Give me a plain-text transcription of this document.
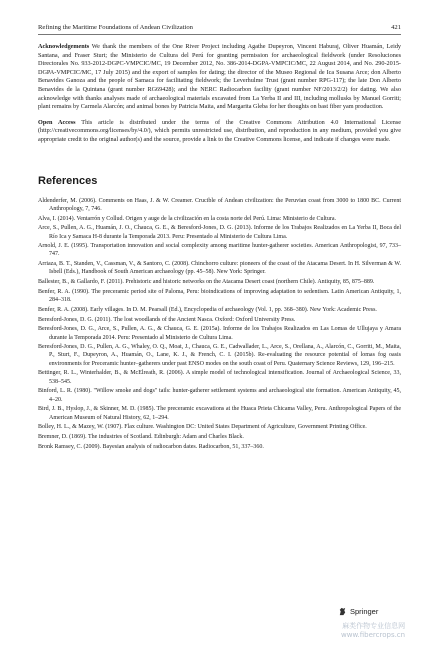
Refining the Maritime Foundations of Andean Civilization	421

Acknowledgements We thank the members of the One River Project including Agathe Dupeyron, Vincent Haburaj, Oliver Huamán, Leidy Santana, and Fraser Sturt; the Ministerio de Cultura del Perú for granting permission for archaeological fieldwork (under Resoluciones Directorales No. 933-2012-DGPC-VMPCIC/MC, 19 December 2012, No. 386-2014-DGPA-VMPCIC/MC, 22 August 2014, and No. 290-2015-DGPA-VMPCIC/MC, 17 July 2015) and the export of samples for dating; the director of the Museo Regional de Ica Susana Arce; don Alberto Benavides Ganoza and the people of Samaca for facilitating fieldwork; the Leverhulme Trust (grant number RPG-117); the late Don Alberto Benavides de la Quintana (grant number RG69428); and the NERC Radiocarbon facility (grant number NF/2013/2/2) for dating. We also acknowledge with thanks analyses made of archaeological materials excavated from La Yerba II and III, including mollusks by Manuel Gorriti; plant remains by Carmela Alarcón; and animal bones by Patricia Maita, and Margarita Gleba for her thoughts on bast fiber yam production.

Open Access This article is distributed under the terms of the Creative Commons Attribution 4.0 International License (http://creativecommons.org/licenses/by/4.0/), which permits unrestricted use, distribution, and reproduction in any medium, provided you give appropriate credit to the original author(s) and the source, provide a link to the Creative Commons license, and indicate if changes were made.

References
Aldenderfer, M. (2006). Comments on Haas, J. & W. Creamer. Crucible of Andean civilization: the Peruvian coast from 3000 to 1800 BC. Current Anthropology, 7, 746.
Alva, I. (2014). Ventarrón y Collud. Origen y auge de la civilización en la costa norte del Perú. Lima: Ministerio de Cultura.
Arce, S., Pullen, A. G., Huamán, J. O., Chauca, G. E., & Beresford-Jones, D. G. (2013). Informe de los Trabajos Realizados en La Yerba II, Boca del Río Ica y Samaca H-8 durante la Temporada 2013. Peru: Presentado al Ministerio de Cultura Lima.
Arnold, J. E. (1995). Transportation innovation and social complexity among maritime hunter-gatherer societies. American Anthropologist, 97, 733–747.
Arriaza, B. T., Standen, V., Cassman, V., & Santoro, C. (2008). Chinchorro culture: pioneers of the coast of the Atacama Desert. In H. Silverman & W. Isbell (Eds.), Handbook of South American archaeology (pp. 45–58). New York: Springer.
Ballester, B., & Gallardo, F. (2011). Prehistoric and historic networks on the Atacama Desert coast (northern Chile). Antiquity, 85, 875–889.
Benfer, R. A. (1990). The preceramic period site of Paloma, Peru: bioindications of improving adaptation to sedentism. Latin American Antiquity, 1, 284–318.
Benfer, R. A. (2008). Early villages. In D. M. Pearsall (Ed.), Encyclopedia of archaeology (Vol. 1, pp. 368–380). New York: Academic Press.
Beresford-Jones, D. G. (2011). The lost woodlands of the Ancient Nasca. Oxford: Oxford University Press.
Beresford-Jones, D. G., Arce, S., Pullen, A. G., & Chauca, G. E. (2015a). Informe de los Trabajos Realizados en Las Lomas de Ullujaya y Amara durante la Temporada 2014. Peru: Presentado al Ministerio de Cultura Lima.
Beresford-Jones, D. G., Pullen, A. G., Whaley, O. Q., Moat, J., Chauca, G. E., Cadwallader, L., Arce, S., Orellana, A., Alarcón, C., Gorriti, M., Maita, P., Sturt, F., Dupeyron, A., Huamán, O., Lane, K. J., & French, C. I. (2015b). Re-evaluating the resource potential of lomas fog oasis environments for Preceramic hunter–gatherers under past ENSO modes on the south coast of Peru. Quaternary Science Reviews, 129, 196–215.
Bettinger, R. L., Winterhalder, B., & McElreath, R. (2006). A simple model of technological intensification. Journal of Archaeological Science, 33, 538–545.
Binford, L. R. (1980). "Willow smoke and dogs" tails: hunter-gatherer settlement systems and archaeological site formation. American Antiquity, 45, 4–20.
Bird, J. B., Hyslop, J., & Skinner, M. D. (1985). The preceramic excavations at the Huaca Prieta Chicama Valley, Peru. Anthropological Papers of the American Museum of Natural History, 62, 1–294.
Bolley, H. L., & Mazey, W. (1907). Flax culture. Washington DC: United States Department of Agriculture, Government Printing Office.
Bremner, D. (1869). The industries of Scotland. Edinburgh: Adam and Charles Black.
Bronk Ramsey, C. (2009). Bayesian analysis of radiocarbon dates. Radiocarbon, 51, 337–360.
Springer
麻类作物专业信息网
www.fibercrops.cn
